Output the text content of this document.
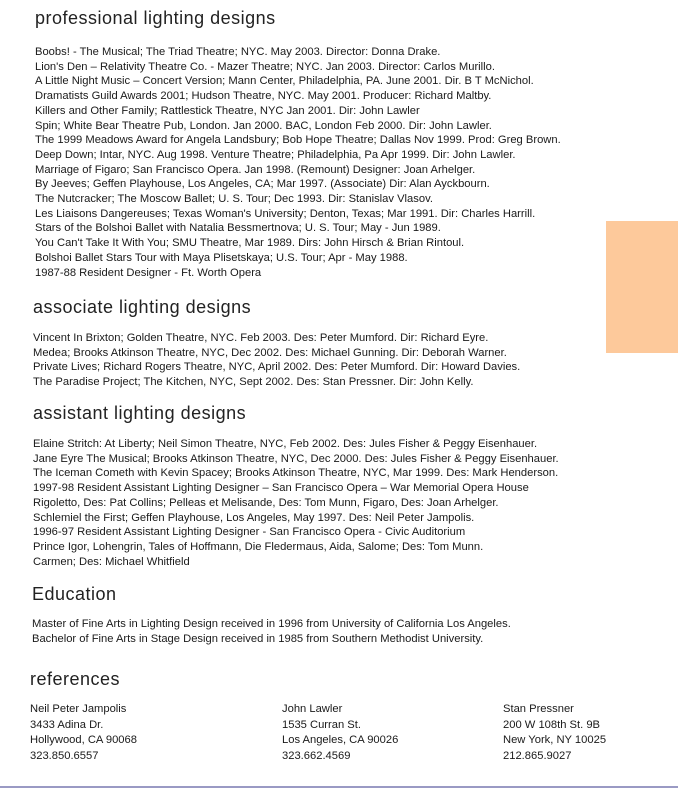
professional lighting designs
Boobs! - The Musical; The Triad Theatre; NYC. May 2003. Director: Donna Drake.
Lion's Den – Relativity Theatre Co. - Mazer Theatre; NYC. Jan 2003. Director: Carlos Murillo.
A Little Night Music – Concert Version; Mann Center, Philadelphia, PA. June 2001. Dir. B T McNichol.
Dramatists Guild Awards 2001; Hudson Theatre, NYC. May 2001. Producer: Richard Maltby.
Killers and Other Family; Rattlestick Theatre, NYC Jan 2001. Dir: John Lawler
Spin; White Bear Theatre Pub, London. Jan 2000. BAC, London Feb 2000. Dir: John Lawler.
The 1999 Meadows Award for Angela Landsbury; Bob Hope Theatre; Dallas Nov 1999. Prod: Greg Brown.
Deep Down; Intar, NYC. Aug 1998. Venture Theatre; Philadelphia, Pa Apr 1999. Dir: John Lawler.
Marriage of Figaro; San Francisco Opera. Jan 1998. (Remount) Designer: Joan Arhelger.
By Jeeves; Geffen Playhouse, Los Angeles, CA; Mar 1997. (Associate) Dir: Alan Ayckbourn.
The Nutcracker; The Moscow Ballet; U. S. Tour; Dec 1993. Dir: Stanislav Vlasov.
Les Liaisons Dangereuses; Texas Woman's University; Denton, Texas; Mar 1991. Dir: Charles Harrill.
Stars of the Bolshoi Ballet with Natalia Bessmertnova; U. S. Tour; May - Jun 1989.
You Can't Take It With You; SMU Theatre, Mar 1989. Dirs: John Hirsch & Brian Rintoul.
Bolshoi Ballet Stars Tour with Maya Plisetskaya; U.S. Tour; Apr - May 1988.
1987-88 Resident Designer - Ft. Worth Opera
associate lighting designs
Vincent In Brixton; Golden Theatre, NYC. Feb 2003. Des: Peter Mumford. Dir: Richard Eyre.
Medea; Brooks Atkinson Theatre, NYC, Dec 2002. Des: Michael Gunning. Dir: Deborah Warner.
Private Lives; Richard Rogers Theatre, NYC, April 2002. Des: Peter Mumford. Dir: Howard Davies.
The Paradise Project; The Kitchen, NYC, Sept 2002. Des: Stan Pressner. Dir: John Kelly.
assistant lighting designs
Elaine Stritch: At Liberty; Neil Simon Theatre, NYC, Feb 2002. Des: Jules Fisher & Peggy Eisenhauer.
Jane Eyre The Musical; Brooks Atkinson Theatre, NYC, Dec 2000. Des: Jules Fisher & Peggy Eisenhauer.
The Iceman Cometh with Kevin Spacey; Brooks Atkinson Theatre, NYC, Mar 1999. Des: Mark Henderson.
1997-98 Resident Assistant Lighting Designer – San Francisco Opera – War Memorial Opera House
Rigoletto, Des: Pat Collins; Pelleas et Melisande, Des: Tom Munn, Figaro, Des: Joan Arhelger.
Schlemiel the First; Geffen Playhouse, Los Angeles, May 1997. Des: Neil Peter Jampolis.
1996-97 Resident Assistant Lighting Designer - San Francisco Opera - Civic Auditorium
Prince Igor, Lohengrin, Tales of Hoffmann, Die Fledermaus, Aida, Salome; Des: Tom Munn.
Carmen; Des: Michael Whitfield
Education
Master of Fine Arts in Lighting Design received in 1996 from University of California Los Angeles.
Bachelor of Fine Arts in Stage Design received in 1985 from Southern Methodist University.
references
Neil Peter Jampolis
3433 Adina Dr.
Hollywood, CA 90068
323.850.6557
John Lawler
1535 Curran St.
Los Angeles, CA 90026
323.662.4569
Stan Pressner
200 W 108th St. 9B
New York, NY 10025
212.865.9027
